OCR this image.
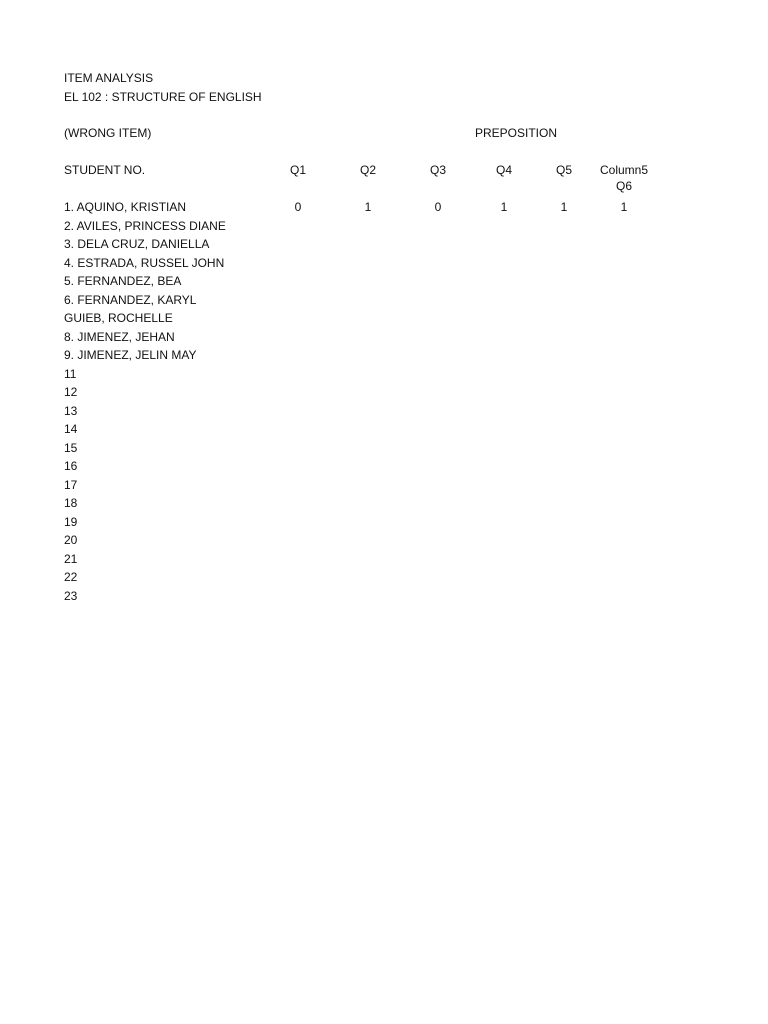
ITEM ANALYSIS
EL 102 : STRUCTURE OF ENGLISH
(WRONG ITEM)	PREPOSITION
STUDENT NO.	Q1	Q2	Q3	Q4	Q5	Column5
Q6
1. AQUINO, KRISTIAN	0	1	0	1	1	1
2. AVILES, PRINCESS DIANE
3. DELA CRUZ, DANIELLA
4. ESTRADA, RUSSEL JOHN
5. FERNANDEZ, BEA
6. FERNANDEZ, KARYL
GUIEB, ROCHELLE
8. JIMENEZ, JEHAN
9. JIMENEZ, JELIN MAY
11
12
13
14
15
16
17
18
19
20
21
22
23
